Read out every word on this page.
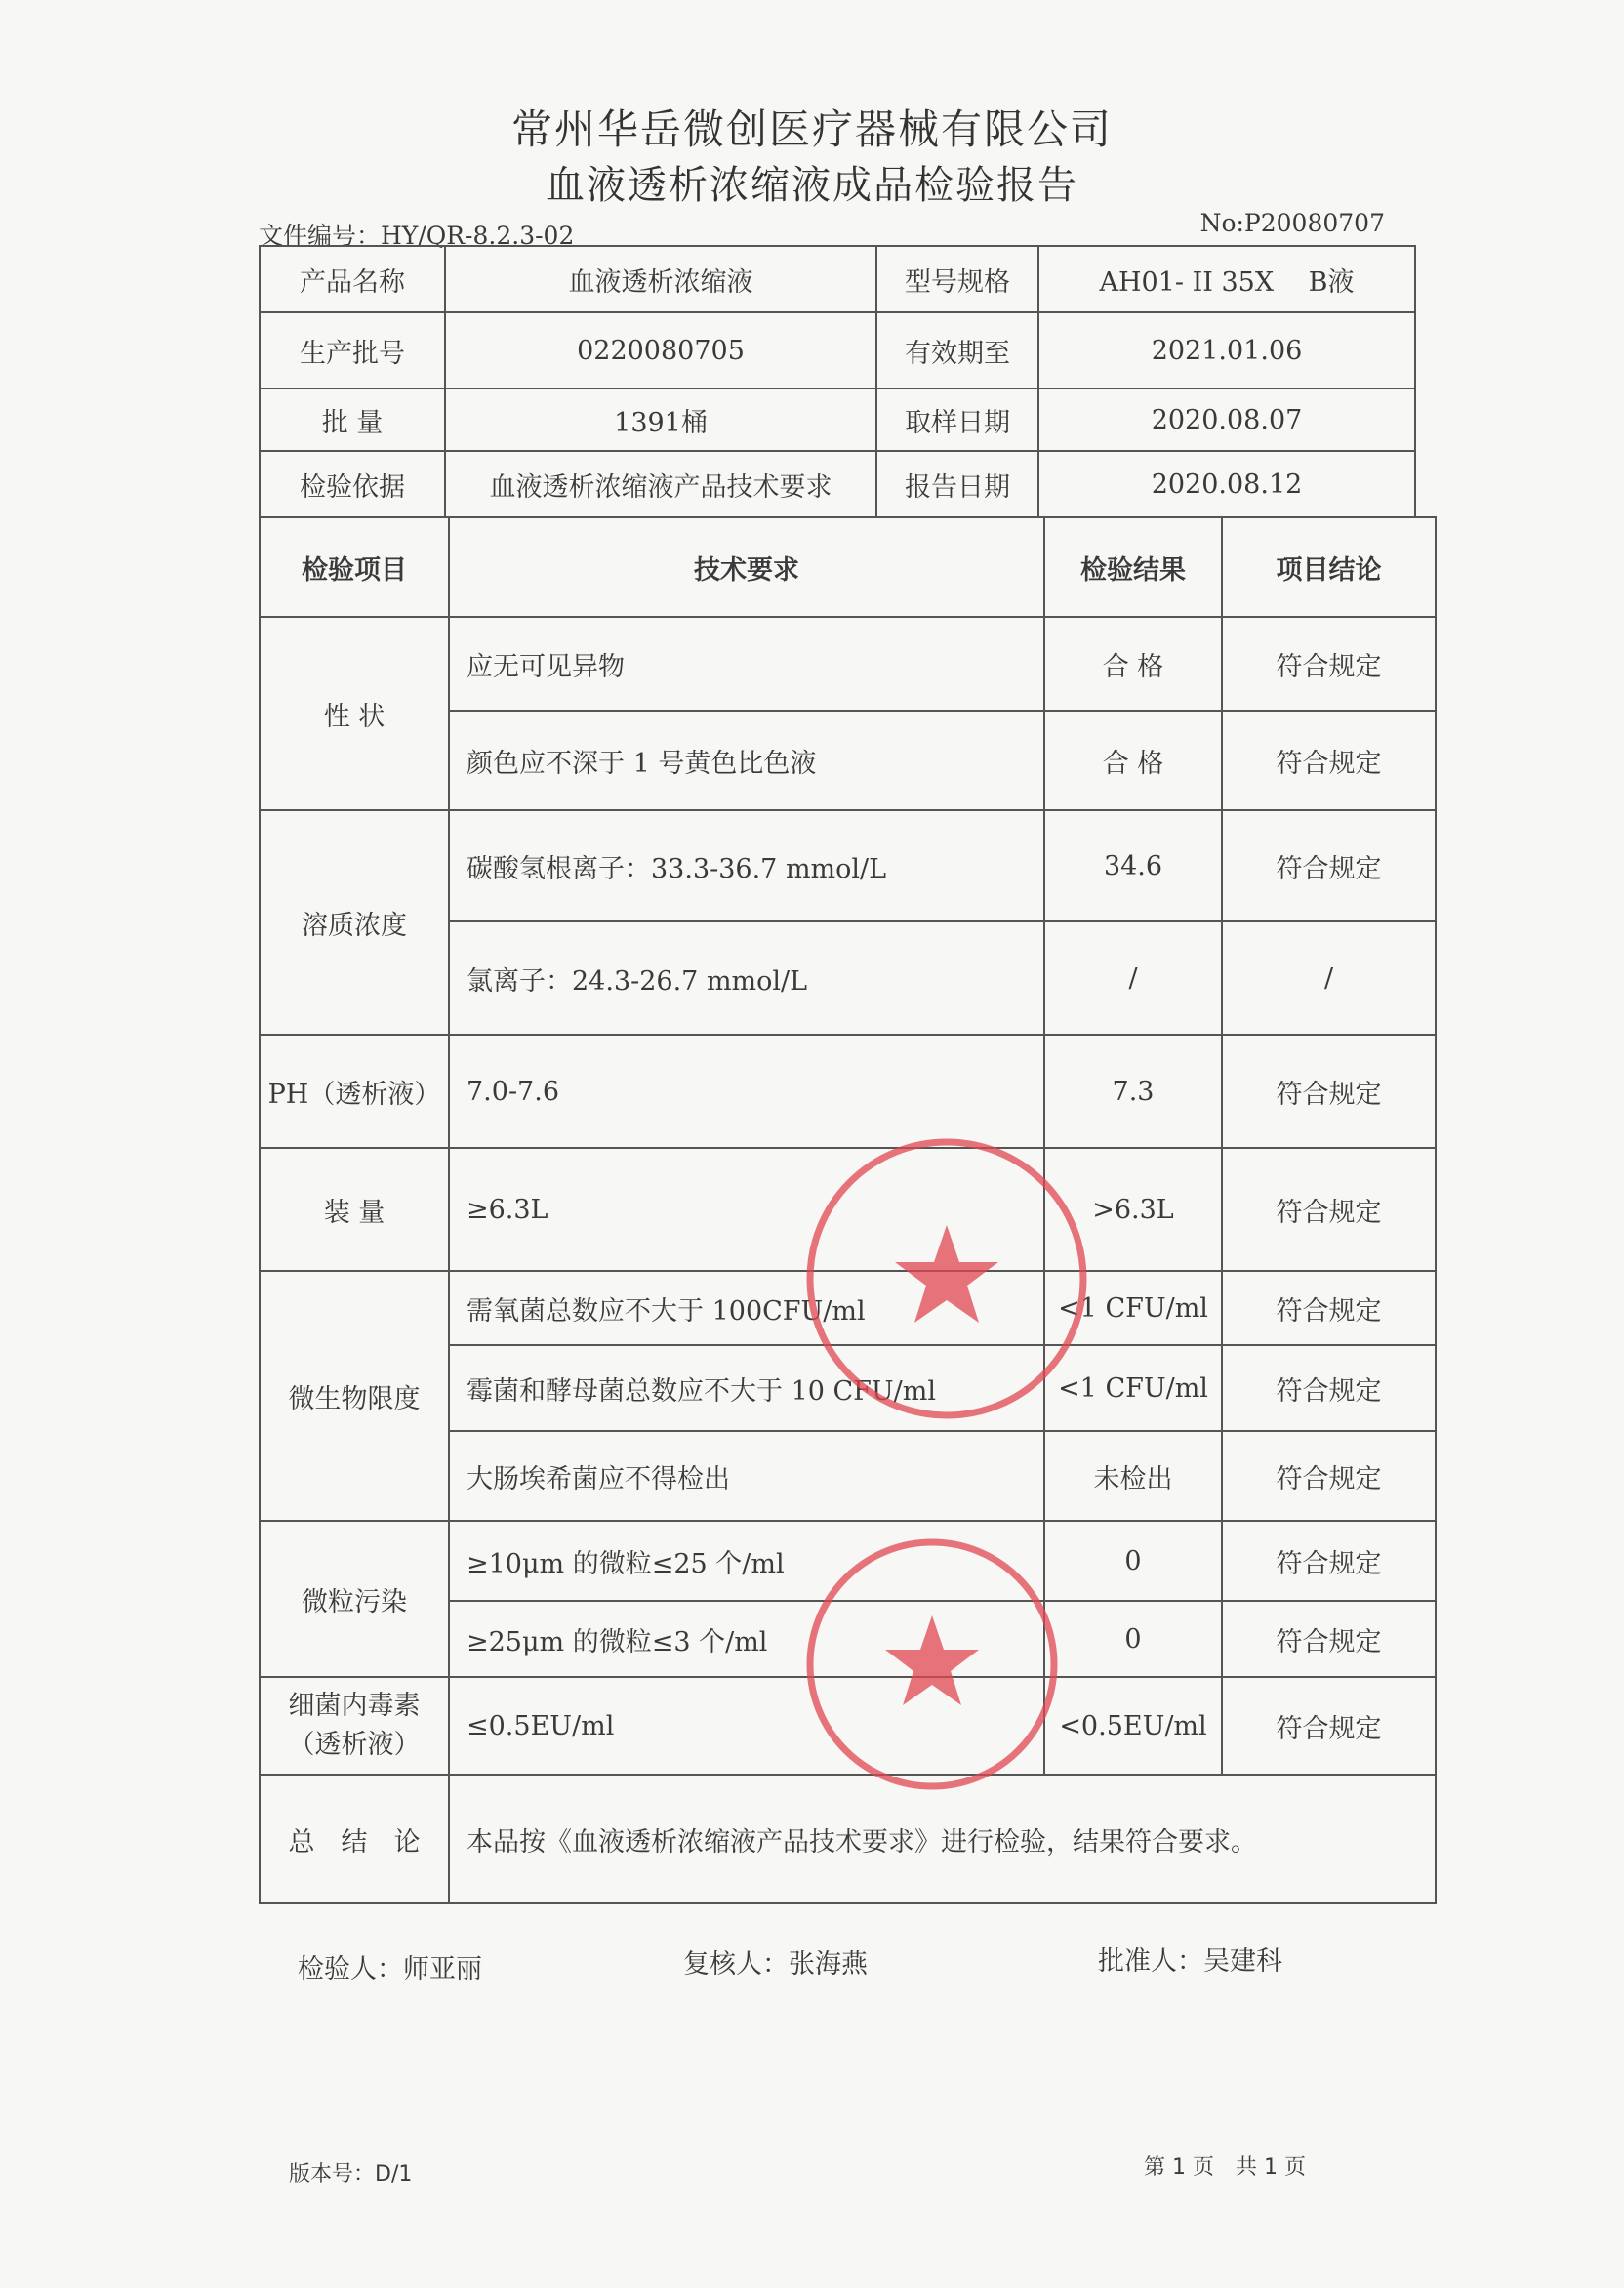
常州华岳微创医疗器械有限公司
血液透析浓缩液成品检验报告
文件编号：HY/QR-8.2.3-02	No:P20080707
产品名称	血液透析浓缩液	型号规格	AH01- II 35X　 B液
生产批号	0220080705	有效期至	2021.01.06
批 量	1391桶	取样日期	2020.08.07
检验依据	血液透析浓缩液产品技术要求	报告日期	2020.08.12
检验项目	技术要求	检验结果	项目结论
性 状
应无可见异物	合 格	符合规定
颜色应不深于 1 号黄色比色液	合 格	符合规定
溶质浓度
碳酸氢根离子：33.3-36.7 mmol/L	34.6	符合规定
氯离子：24.3-26.7 mmol/L	/	/
PH（透析液） 7.0-7.6	7.3	符合规定
装 量	≥6.3L	>6.3L	符合规定
微生物限度
需氧菌总数应不大于 100CFU/ml	<1 CFU/ml	符合规定
霉菌和酵母菌总数应不大于 10 CFU/ml	<1 CFU/ml	符合规定
大肠埃希菌应不得检出	未检出	符合规定
微粒污染
≥10μm 的微粒≤25 个/ml	0	符合规定
≥25μm 的微粒≤3 个/ml	0	符合规定
细菌内毒素
（透析液）
≤0.5EU/ml	<0.5EU/ml	符合规定
总　结　论	本品按《血液透析浓缩液产品技术要求》进行检验，结果符合要求。
检验人：师亚丽	复核人：张海燕	批准人：吴建科
版本号：D/1	第 1 页　共 1 页
